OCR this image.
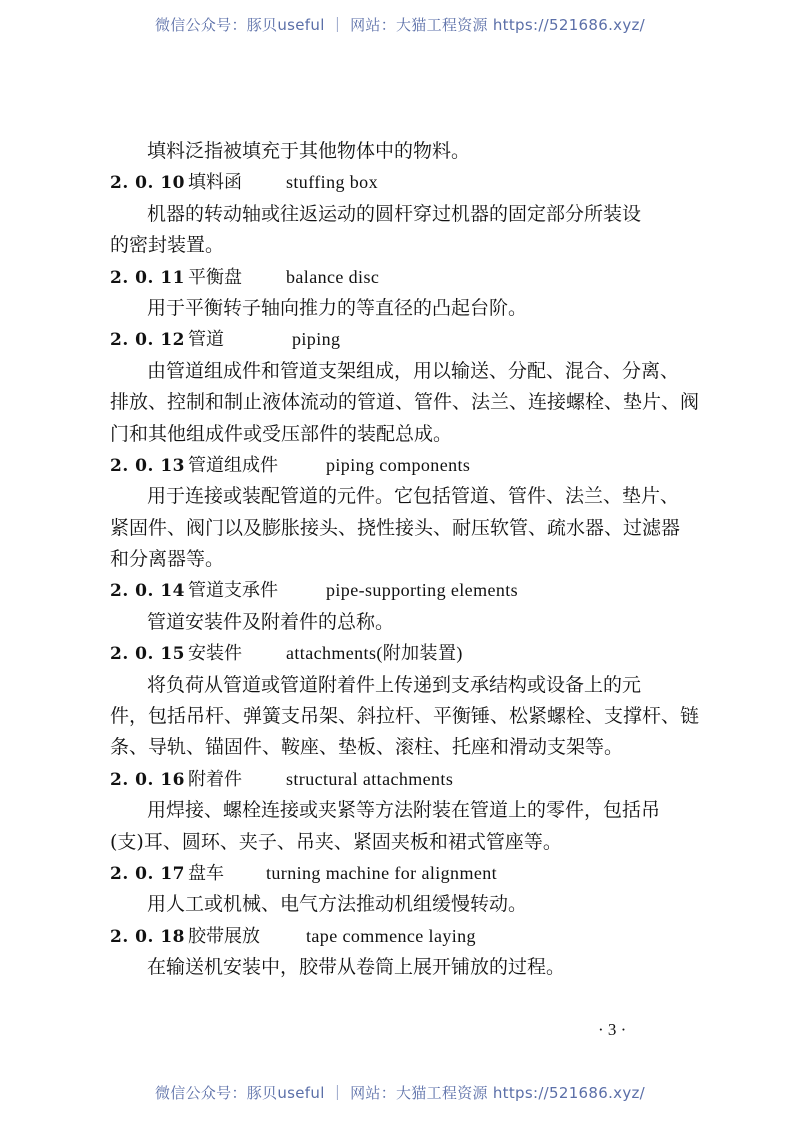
微信公众号：豚贝useful ｜ 网站：大猫工程资源 https://521686.xyz/
填料泛指被填充于其他物体中的物料。
2. 0. 10 填料函 stuffing box
机器的转动轴或往返运动的圆杆穿过机器的固定部分所装设
的密封装置。
2. 0. 11 平衡盘 balance disc
用于平衡转子轴向推力的等直径的凸起台阶。
2. 0. 12 管道	piping
由管道组成件和管道支架组成，用以输送、分配、混合、分离、
排放、控制和制止液体流动的管道、管件、法兰、连接螺栓、垫片、阀
门和其他组成件或受压部件的装配总成。
2. 0. 13 管道组成件	piping components
用于连接或装配管道的元件。它包括管道、管件、法兰、垫片、
紧固件、阀门以及膨胀接头、挠性接头、耐压软管、疏水器、过滤器
和分离器等。
2. 0. 14 管道支承件	pipe-supporting elements
管道安装件及附着件的总称。
2. 0. 15 安装件 attachments(附加装置)
将负荷从管道或管道附着件上传递到支承结构或设备上的元
件，包括吊杆、弹簧支吊架、斜拉杆、平衡锤、松紧螺栓、支撑杆、链
条、导轨、锚固件、鞍座、垫板、滚柱、托座和滑动支架等。
2. 0. 16 附着件 structural attachments
用焊接、螺栓连接或夹紧等方法附装在管道上的零件，包括吊
(支)耳、圆环、夹子、吊夹、紧固夹板和裙式管座等。
2. 0. 17 盘车 turning machine for alignment
用人工或机械、电气方法推动机组缓慢转动。
2. 0. 18 胶带展放	tape commence laying
在输送机安装中，胶带从卷筒上展开铺放的过程。
· 3 ·
微信公众号：豚贝useful ｜ 网站：大猫工程资源 https://521686.xyz/
